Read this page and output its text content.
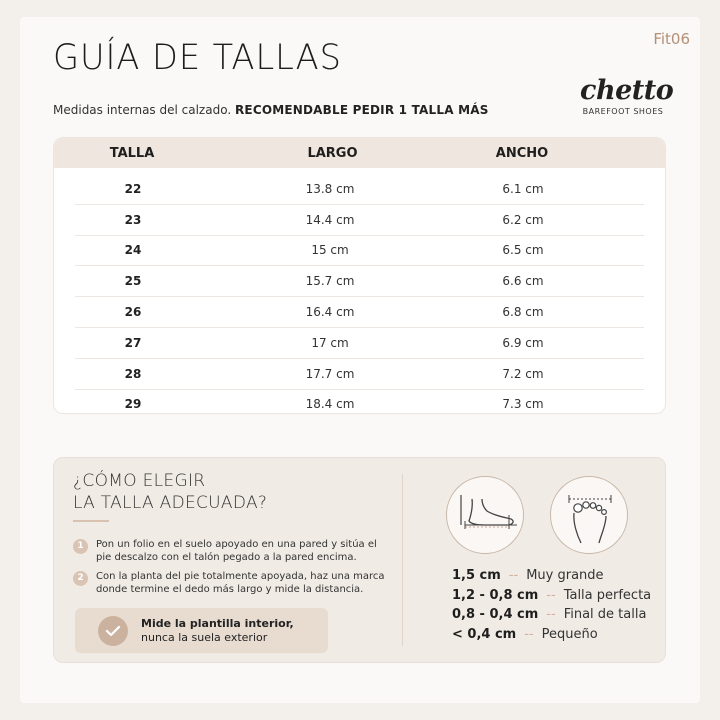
Fit06
GUÍA DE TALLAS
Medidas internas del calzado. RECOMENDABLE PEDIR 1 TALLA MÁS
chetto
BAREFOOT SHOES
TALLA	LARGO	ANCHO
22	13.8 cm	6.1 cm
23	14.4 cm	6.2 cm
24	15 cm	6.5 cm
25	15.7 cm	6.6 cm
26	16.4 cm	6.8 cm
27	17 cm	6.9 cm
28	17.7 cm	7.2 cm
29	18.4 cm	7.3 cm
¿CÓMO ELEGIR
LA TALLA ADECUADA?
1	Pon un folio en el suelo apoyado en una pared y sitúa el pie descalzo con el talón pegado a la pared encima.
2	Con la planta del pie totalmente apoyada, haz una marca donde termine el dedo más largo y mide la distancia.
Mide la plantilla interior,
nunca la suela exterior
1,5 cm -- Muy grande
1,2 - 0,8 cm -- Talla perfecta
0,8 - 0,4 cm -- Final de talla
< 0,4 cm -- Pequeño
